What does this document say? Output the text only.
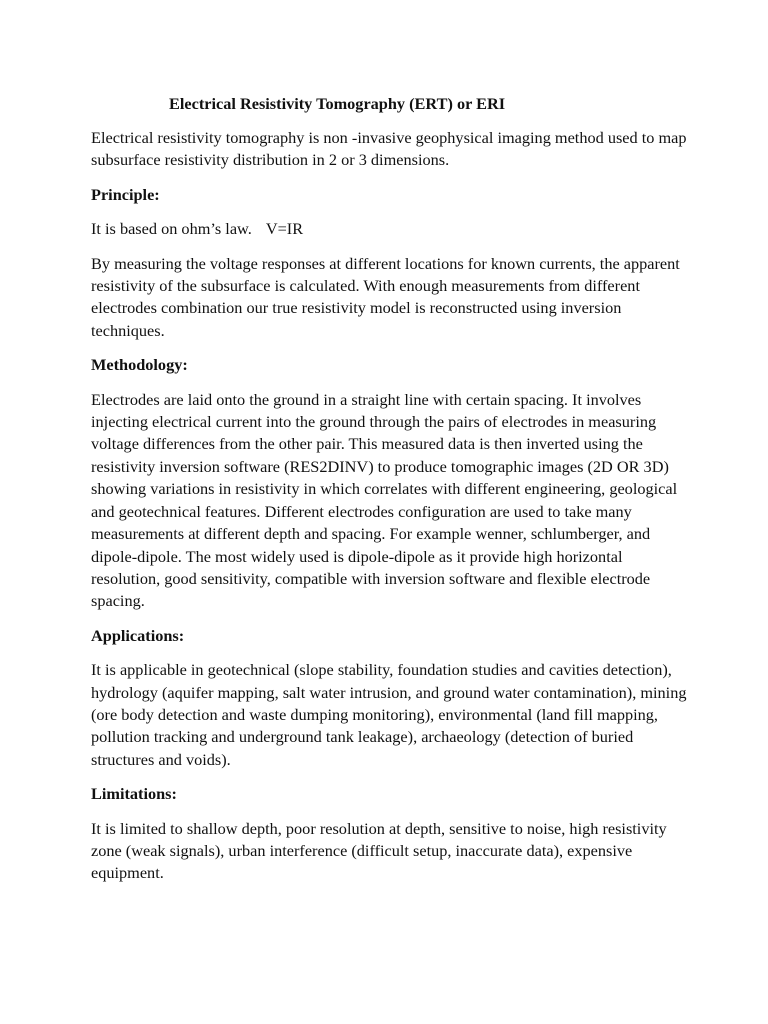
Electrical Resistivity Tomography (ERT) or ERI

Electrical resistivity tomography is non -invasive geophysical imaging method used to map subsurface resistivity distribution in 2 or 3 dimensions.

Principle:

It is based on ohm’s law. V=IR

By measuring the voltage responses at different locations for known currents, the apparent resistivity of the subsurface is calculated. With enough measurements from different electrodes combination our true resistivity model is reconstructed using inversion techniques.

Methodology:

Electrodes are laid onto the ground in a straight line with certain spacing. It involves injecting electrical current into the ground through the pairs of electrodes in measuring voltage differences from the other pair. This measured data is then inverted using the resistivity inversion software (RES2DINV) to produce tomographic images (2D OR 3D) showing variations in resistivity in which correlates with different engineering, geological and geotechnical features. Different electrodes configuration are used to take many measurements at different depth and spacing. For example wenner, schlumberger, and dipole-dipole. The most widely used is dipole-dipole as it provide high horizontal resolution, good sensitivity, compatible with inversion software and flexible electrode spacing.

Applications:

It is applicable in geotechnical (slope stability, foundation studies and cavities detection), hydrology (aquifer mapping, salt water intrusion, and ground water contamination), mining (ore body detection and waste dumping monitoring), environmental (land fill mapping, pollution tracking and underground tank leakage), archaeology (detection of buried structures and voids).

Limitations:

It is limited to shallow depth, poor resolution at depth, sensitive to noise, high resistivity zone (weak signals), urban interference (difficult setup, inaccurate data), expensive equipment.
